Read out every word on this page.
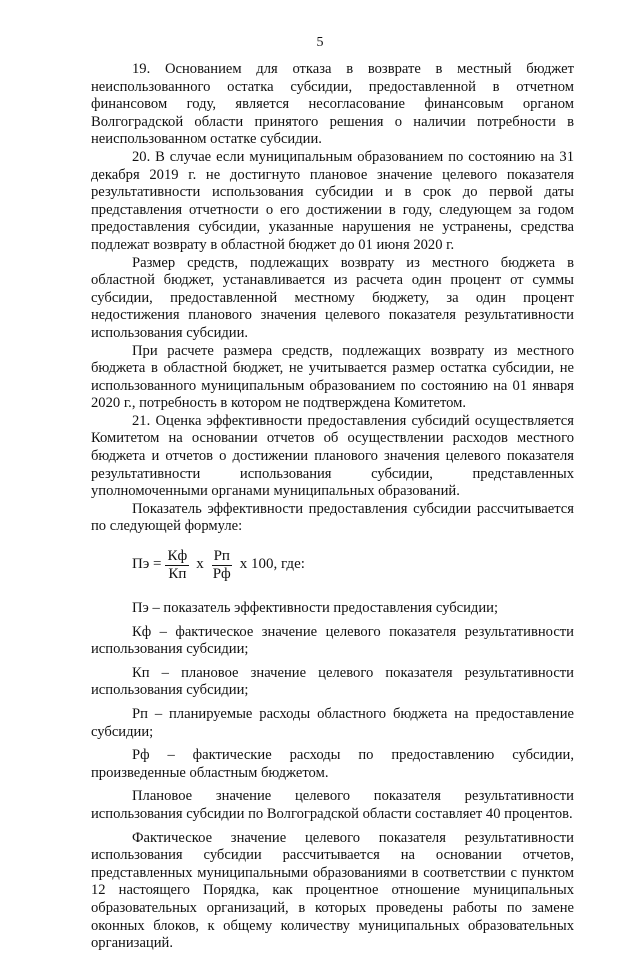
5

19. Основанием для отказа в возврате в местный бюджет неиспользованного остатка субсидии, предоставленной в отчетном финансовом году, является несогласование финансовым органом Волгоградской области принятого решения о наличии потребности в неиспользованном остатке субсидии.

20. В случае если муниципальным образованием по состоянию на 31 декабря 2019 г. не достигнуто плановое значение целевого показателя результативности использования субсидии и в срок до первой даты представления отчетности о его достижении в году, следующем за годом предоставления субсидии, указанные нарушения не устранены, средства подлежат возврату в областной бюджет до 01 июня 2020 г.

Размер средств, подлежащих возврату из местного бюджета в областной бюджет, устанавливается из расчета один процент от суммы субсидии, предоставленной местному бюджету, за один процент недостижения планового значения целевого показателя результативности использования субсидии.

При расчете размера средств, подлежащих возврату из местного бюджета в областной бюджет, не учитывается размер остатка субсидии, не использованного муниципальным образованием по состоянию на 01 января 2020 г., потребность в котором не подтверждена Комитетом.

21. Оценка эффективности предоставления субсидий осуществляется Комитетом на основании отчетов об осуществлении расходов местного бюджета и отчетов о достижении планового значения целевого показателя результативности использования субсидии, представленных уполномоченными органами муниципальных образований.

Показатель эффективности предоставления субсидии рассчитывается по следующей формуле:

Пэ = $\frac{Кф}{Кп}$ x $\frac{Рп}{Рф}$ x 100, где:

Пэ – показатель эффективности предоставления субсидии;

Кф – фактическое значение целевого показателя результативности использования субсидии;

Кп – плановое значение целевого показателя результативности использования субсидии;

Рп – планируемые расходы областного бюджета на предоставление субсидии;

Рф – фактические расходы по предоставлению субсидии, произведенные областным бюджетом.

Плановое значение целевого показателя результативности использования субсидии по Волгоградской области составляет 40 процентов.

Фактическое значение целевого показателя результативности использования субсидии рассчитывается на основании отчетов, представленных муниципальными образованиями в соответствии с пунктом 12 настоящего Порядка, как процентное отношение муниципальных образовательных организаций, в которых проведены работы по замене оконных блоков, к общему количеству муниципальных образовательных организаций.
